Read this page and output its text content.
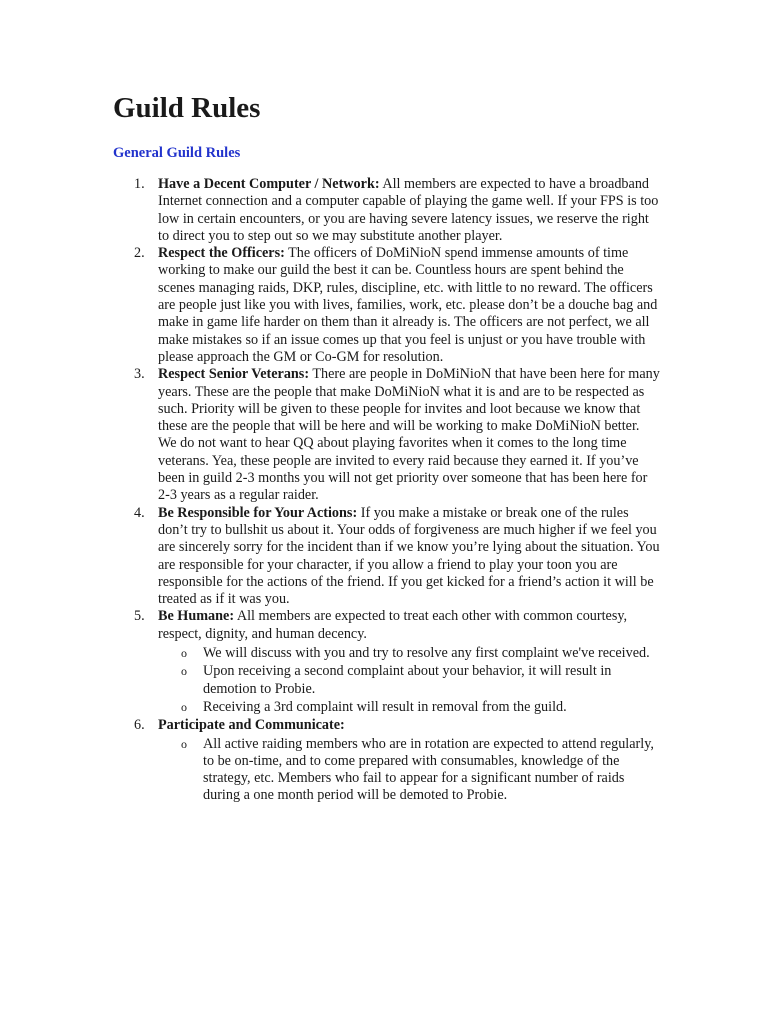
Guild Rules
General Guild Rules
1. Have a Decent Computer / Network: All members are expected to have a broadband Internet connection and a computer capable of playing the game well. If your FPS is too low in certain encounters, or you are having severe latency issues, we reserve the right to direct you to step out so we may substitute another player.
2. Respect the Officers: The officers of DoMiNioN spend immense amounts of time working to make our guild the best it can be. Countless hours are spent behind the scenes managing raids, DKP, rules, discipline, etc. with little to no reward. The officers are people just like you with lives, families, work, etc. please don’t be a douche bag and make in game life harder on them than it already is. The officers are not perfect, we all make mistakes so if an issue comes up that you feel is unjust or you have trouble with please approach the GM or Co-GM for resolution.
3. Respect Senior Veterans: There are people in DoMiNioN that have been here for many years. These are the people that make DoMiNioN what it is and are to be respected as such. Priority will be given to these people for invites and loot because we know that these are the people that will be here and will be working to make DoMiNioN better. We do not want to hear QQ about playing favorites when it comes to the long time veterans. Yea, these people are invited to every raid because they earned it. If you’ve been in guild 2-3 months you will not get priority over someone that has been here for 2-3 years as a regular raider.
4. Be Responsible for Your Actions: If you make a mistake or break one of the rules don’t try to bullshit us about it. Your odds of forgiveness are much higher if we feel you are sincerely sorry for the incident than if we know you’re lying about the situation. You are responsible for your character, if you allow a friend to play your toon you are responsible for the actions of the friend. If you get kicked for a friend’s action it will be treated as if it was you.
5. Be Humane: All members are expected to treat each other with common courtesy, respect, dignity, and human decency.
o We will discuss with you and try to resolve any first complaint we've received.
o Upon receiving a second complaint about your behavior, it will result in demotion to Probie.
o Receiving a 3rd complaint will result in removal from the guild.
6. Participate and Communicate:
o All active raiding members who are in rotation are expected to attend regularly, to be on-time, and to come prepared with consumables, knowledge of the strategy, etc. Members who fail to appear for a significant number of raids during a one month period will be demoted to Probie.
